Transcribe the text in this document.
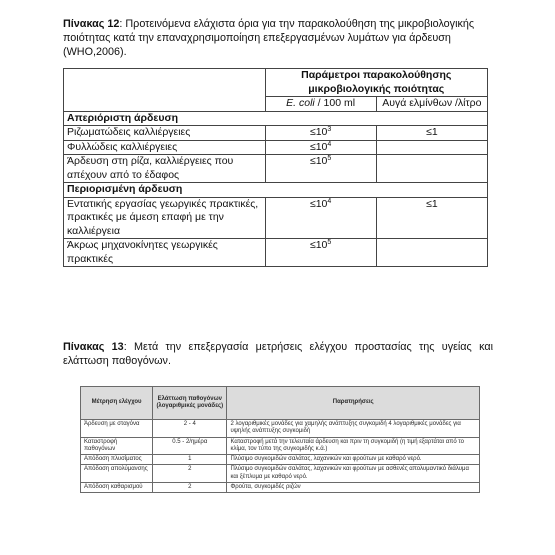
Πίνακας 12: Προτεινόμενα ελάχιστα όρια για την παρακολούθηση της μικροβιολογικής ποιότητας κατά την επαναχρησιμοποίηση επεξεργασμένων λυμάτων για άρδευση (WHO,2006).
	Παράμετροι παρακολούθησης μικροβιολογικής ποιότητας	
	E. coli / 100 ml	Αυγά ελμίνθων /λίτρο
Απεριόριστη άρδευση		
Ριζωματώδεις καλλιέργειες	$\le 10^3$	≤1
Φυλλώδεις καλλιέργειες	$\le 10^4$	
Άρδευση στη ρίζα, καλλιέργειες που απέχουν από το έδαφος	$\le 10^5$	
Περιορισμένη άρδευση		
Εντατικής εργασίας γεωργικές πρακτικές, πρακτικές με άμεση επαφή με την καλλιέργεια	$\le 10^4$	≤1
Άκρως μηχανοκίνητες γεωργικές πρακτικές	$\le 10^5$	
Πίνακας 13: Μετά την επεξεργασία μετρήσεις ελέγχου προστασίας της υγείας και ελάττωση παθογόνων.
Μέτρηση ελέγχου	Ελάττωση παθογόνων (λογαριθμικές μονάδες)	Παρατηρήσεις
Άρδευση με σταγόνα	2 - 4	2 λογαριθμικές μονάδες για χαμηλής ανάπτυξης συγκομιδή 4 λογαριθμικές μονάδες για υψηλής ανάπτυξης συγκομιδή
Καταστροφή παθογόνων	0.5 - 2/ημέρα	Καταστροφή μετά την τελευταία άρδευση και πριν τη συγκομιδή (η τιμή εξαρτάται από το κλίμα, τον τύπο της συγκομιδής κ.ά.)
Απόδοση πλυσίματος	1	Πλύσιμο συγκομιδών σαλάτας, λαχανικών και φρούτων με καθαρό νερό.
Απόδοση απολύμανσης	2	Πλύσιμο συγκομιδών σαλάτας, λαχανικών και φρούτων με ασθενές απολυμαντικό διάλυμα και ξέπλυμα με καθαρό νερό.
Απόδοση καθαρισμού	2	Φρούτα, συγκομιδές ριζών
